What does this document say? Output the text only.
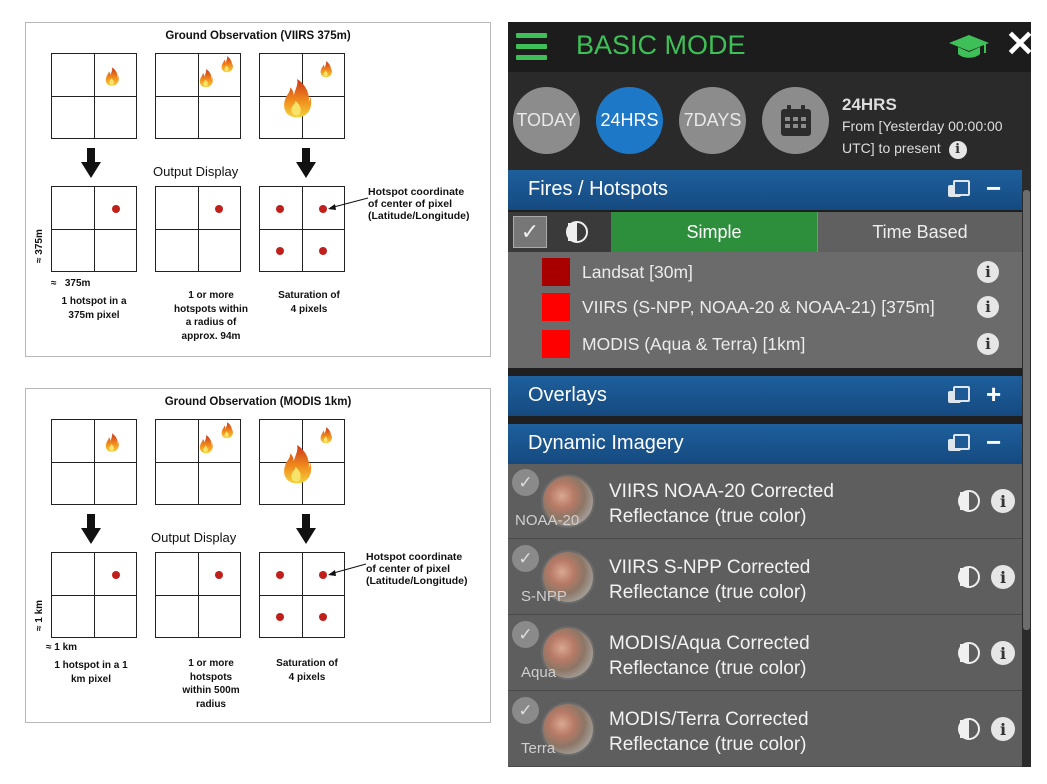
Ground Observation (VIIRS 375m)
Output Display
Hotspot coordinate
of center of pixel
(Latitude/Longitude)
≈ 375m
≈ 375m
1 hotspot in a
375m pixel
1 or more
hotspots within
a radius of
approx. 94m
Saturation of
4 pixels
Ground Observation (MODIS 1km)
Output Display
Hotspot coordinate
of center of pixel
(Latitude/Longitude)
≈ 1 km
≈ 1 km
1 hotspot in a 1
km pixel
1 or more
hotspots
within 500m
radius
Saturation of
4 pixels
BASIC MODE	✕
TODAY 24HRS 7DAYS
24HRS
From [Yesterday 00:00:00
UTC] to present i
Fires / Hotspots	−
✓	Simple	Time Based
Landsat [30m]	i
VIIRS (S-NPP, NOAA-20 & NOAA-21) [375m]	i
MODIS (Aqua & Terra) [1km]	i
Overlays	+
Dynamic Imagery	−
✓
NOAA-20
VIIRS NOAA-20 Corrected
Reflectance (true color)
i
✓
S-NPP
VIIRS S-NPP Corrected
Reflectance (true color)
i
✓
Aqua
MODIS/Aqua Corrected
Reflectance (true color)
i
✓
Terra
MODIS/Terra Corrected
Reflectance (true color)
i
